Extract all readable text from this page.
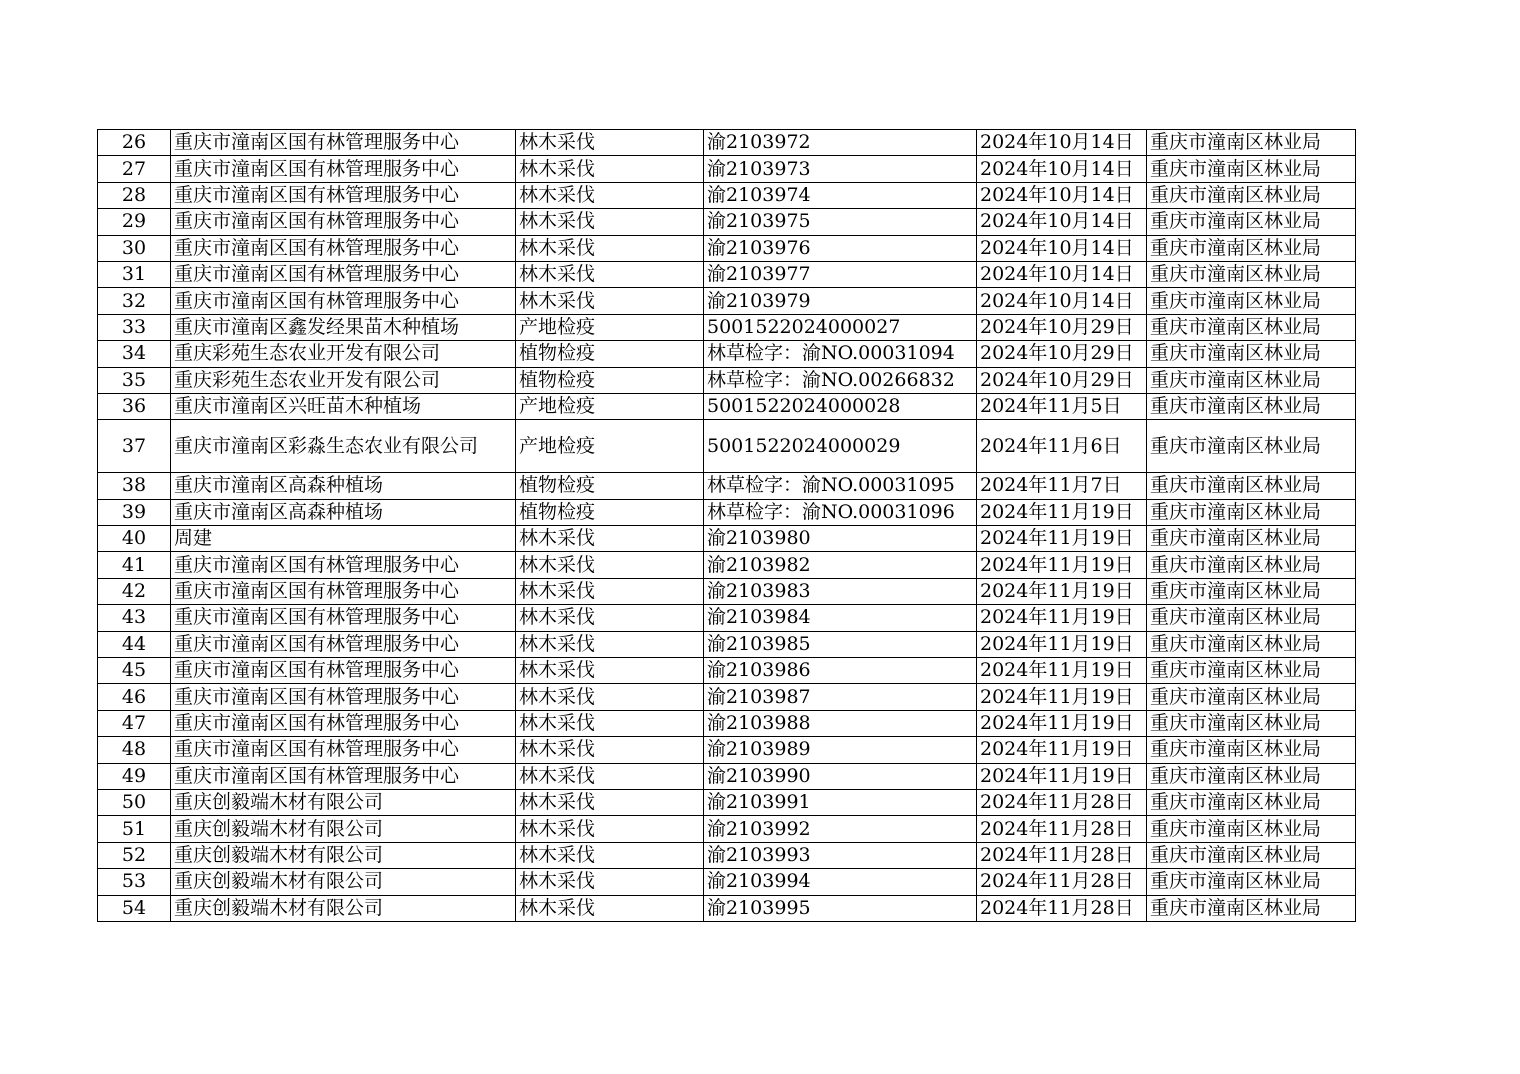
26	重庆市潼南区国有林管理服务中心	林木采伐	渝2103972	2024年10月14日	重庆市潼南区林业局
27	重庆市潼南区国有林管理服务中心	林木采伐	渝2103973	2024年10月14日	重庆市潼南区林业局
28	重庆市潼南区国有林管理服务中心	林木采伐	渝2103974	2024年10月14日	重庆市潼南区林业局
29	重庆市潼南区国有林管理服务中心	林木采伐	渝2103975	2024年10月14日	重庆市潼南区林业局
30	重庆市潼南区国有林管理服务中心	林木采伐	渝2103976	2024年10月14日	重庆市潼南区林业局
31	重庆市潼南区国有林管理服务中心	林木采伐	渝2103977	2024年10月14日	重庆市潼南区林业局
32	重庆市潼南区国有林管理服务中心	林木采伐	渝2103979	2024年10月14日	重庆市潼南区林业局
33	重庆市潼南区鑫发经果苗木种植场	产地检疫	5001522024000027	2024年10月29日	重庆市潼南区林业局
34	重庆彩苑生态农业开发有限公司	植物检疫	林草检字：渝NO.00031094	2024年10月29日	重庆市潼南区林业局
35	重庆彩苑生态农业开发有限公司	植物检疫	林草检字：渝NO.00266832	2024年10月29日	重庆市潼南区林业局
36	重庆市潼南区兴旺苗木种植场	产地检疫	5001522024000028	2024年11月5日	重庆市潼南区林业局
37	重庆市潼南区彩淼生态农业有限公司	产地检疫	5001522024000029	2024年11月6日	重庆市潼南区林业局
38	重庆市潼南区高森种植场	植物检疫	林草检字：渝NO.00031095	2024年11月7日	重庆市潼南区林业局
39	重庆市潼南区高森种植场	植物检疫	林草检字：渝NO.00031096	2024年11月19日	重庆市潼南区林业局
40	周建	林木采伐	渝2103980	2024年11月19日	重庆市潼南区林业局
41	重庆市潼南区国有林管理服务中心	林木采伐	渝2103982	2024年11月19日	重庆市潼南区林业局
42	重庆市潼南区国有林管理服务中心	林木采伐	渝2103983	2024年11月19日	重庆市潼南区林业局
43	重庆市潼南区国有林管理服务中心	林木采伐	渝2103984	2024年11月19日	重庆市潼南区林业局
44	重庆市潼南区国有林管理服务中心	林木采伐	渝2103985	2024年11月19日	重庆市潼南区林业局
45	重庆市潼南区国有林管理服务中心	林木采伐	渝2103986	2024年11月19日	重庆市潼南区林业局
46	重庆市潼南区国有林管理服务中心	林木采伐	渝2103987	2024年11月19日	重庆市潼南区林业局
47	重庆市潼南区国有林管理服务中心	林木采伐	渝2103988	2024年11月19日	重庆市潼南区林业局
48	重庆市潼南区国有林管理服务中心	林木采伐	渝2103989	2024年11月19日	重庆市潼南区林业局
49	重庆市潼南区国有林管理服务中心	林木采伐	渝2103990	2024年11月19日	重庆市潼南区林业局
50	重庆创毅端木材有限公司	林木采伐	渝2103991	2024年11月28日	重庆市潼南区林业局
51	重庆创毅端木材有限公司	林木采伐	渝2103992	2024年11月28日	重庆市潼南区林业局
52	重庆创毅端木材有限公司	林木采伐	渝2103993	2024年11月28日	重庆市潼南区林业局
53	重庆创毅端木材有限公司	林木采伐	渝2103994	2024年11月28日	重庆市潼南区林业局
54	重庆创毅端木材有限公司	林木采伐	渝2103995	2024年11月28日	重庆市潼南区林业局
